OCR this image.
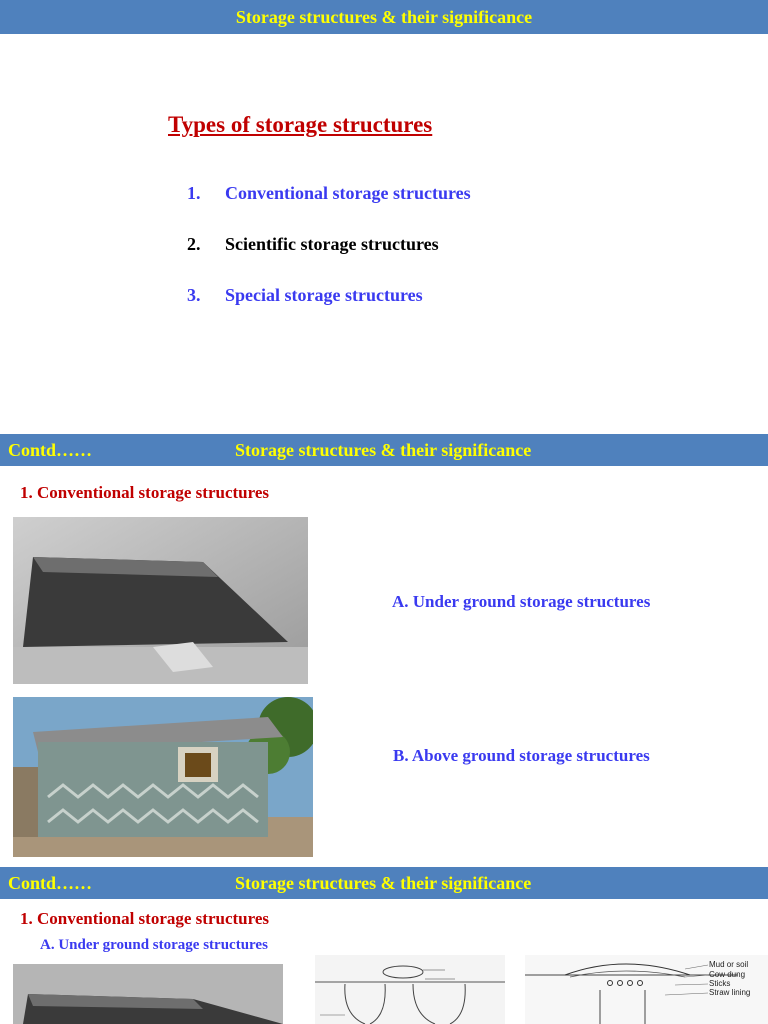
Storage structures & their significance
Types of storage structures
1. Conventional storage structures
2. Scientific storage structures
3. Special storage structures
Contd……	Storage structures & their significance
1. Conventional storage structures
A. Under ground storage structures
B. Above ground storage structures
Contd……	Storage structures & their significance
1. Conventional storage structures
A. Under ground storage structures
Mud or soil
Cow dung
Sticks
Straw lining
